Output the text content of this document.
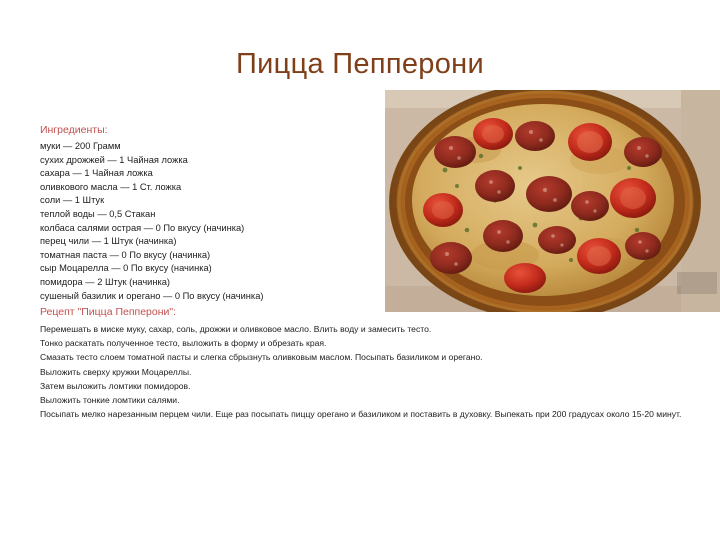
Пицца Пепперони
Ингредиенты:
муки — 200 Грамм
сухих дрожжей — 1 Чайная ложка
сахара — 1 Чайная ложка
оливкового масла — 1 Ст. ложка
соли — 1 Штук
теплой воды — 0,5 Стакан
колбаса салями острая — 0 По вкусу (начинка)
перец чили — 1 Штук (начинка)
томатная паста — 0 По вкусу (начинка)
сыр Моцарелла — 0 По вкусу (начинка)
помидора — 2 Штук (начинка)
сушеный базилик и орегано — 0 По вкусу (начинка)
Рецепт "Пицца Пепперони":
Перемешать в миске муку, сахар, соль, дрожжи и оливковое масло. Влить воду и замесить тесто.
Тонко раскатать полученное тесто, выложить в форму и обрезать края.
Смазать тесто слоем томатной пасты и слегка сбрызнуть оливковым маслом. Посыпать базиликом и орегано.
Выложить сверху кружки Моцареллы.
Затем выложить ломтики помидоров.
Выложить тонкие ломтики салями.
Посыпать мелко нарезанным перцем чили. Еще раз посыпать пиццу орегано и базиликом и поставить в духовку. Выпекать при 200 градусах около 15-20 минут.
